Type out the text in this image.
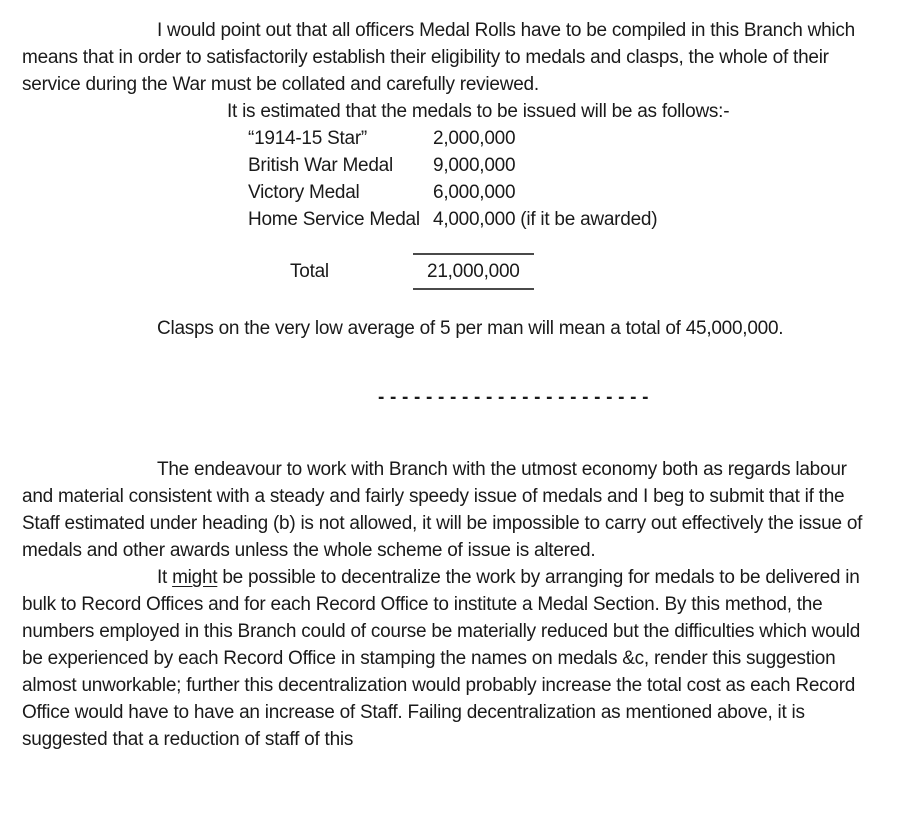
I would point out that all officers Medal Rolls have to be compiled in this Branch which means that in order to satisfactorily establish their eligibility to medals and clasps, the whole of their service during the War must be collated and carefully reviewed.

It is estimated that the medals to be issued will be as follows:-
“1914-15 Star”	2,000,000
British War Medal 9,000,000
Victory Medal	6,000,000
Home Service Medal 4,000,000 (if it be awarded)
Total	21,000,000

Clasps on the very low average of 5 per man will mean a total of 45,000,000.

- - - - - - - - - - - - - - - - - - - - - - -

The endeavour to work with Branch with the utmost economy both as regards labour and material consistent with a steady and fairly speedy issue of medals and I beg to submit that if the Staff estimated under heading (b) is not allowed, it will be impossible to carry out effectively the issue of medals and other awards unless the whole scheme of issue is altered.

It might be possible to decentralize the work by arranging for medals to be delivered in bulk to Record Offices and for each Record Office to institute a Medal Section. By this method, the numbers employed in this Branch could of course be materially reduced but the difficulties which would be experienced by each Record Office in stamping the names on medals &c, render this suggestion almost unworkable; further this decentralization would probably increase the total cost as each Record Office would have to have an increase of Staff. Failing decentralization as mentioned above, it is suggested that a reduction of staff of this
